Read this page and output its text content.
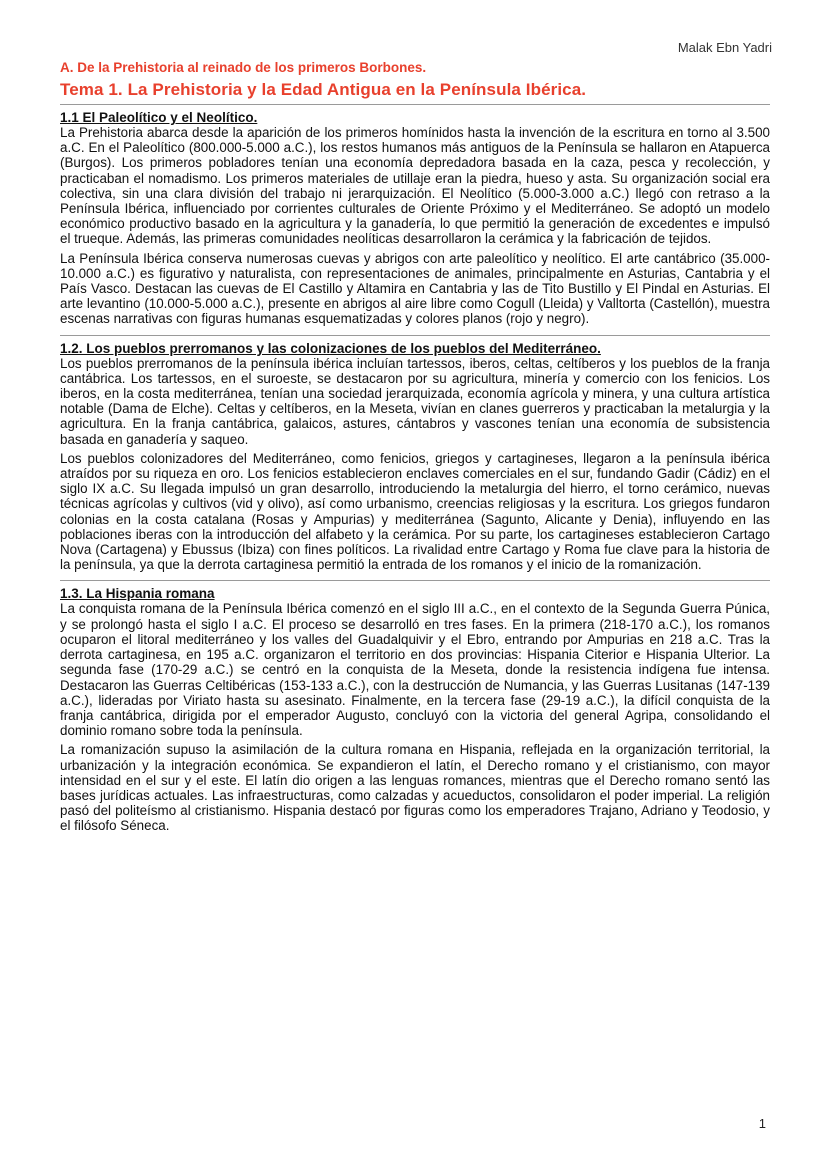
Malak Ebn Yadri

A. De la Prehistoria al reinado de los primeros Borbones.

Tema 1. La Prehistoria y la Edad Antigua en la Península Ibérica.

1.1 El Paleolítico y el Neolítico.

La Prehistoria abarca desde la aparición de los primeros homínidos hasta la invención de la escritura en torno al 3.500 a.C. En el Paleolítico (800.000-5.000 a.C.), los restos humanos más antiguos de la Península se hallaron en Atapuerca (Burgos). Los primeros pobladores tenían una economía depredadora basada en la caza, pesca y recolección, y practicaban el nomadismo. Los primeros materiales de utillaje eran la piedra, hueso y asta. Su organización social era colectiva, sin una clara división del trabajo ni jerarquización. El Neolítico (5.000-3.000 a.C.) llegó con retraso a la Península Ibérica, influenciado por corrientes culturales de Oriente Próximo y el Mediterráneo. Se adoptó un modelo económico productivo basado en la agricultura y la ganadería, lo que permitió la generación de excedentes e impulsó el trueque. Además, las primeras comunidades neolíticas desarrollaron la cerámica y la fabricación de tejidos.

La Península Ibérica conserva numerosas cuevas y abrigos con arte paleolítico y neolítico. El arte cantábrico (35.000-10.000 a.C.) es figurativo y naturalista, con representaciones de animales, principalmente en Asturias, Cantabria y el País Vasco. Destacan las cuevas de El Castillo y Altamira en Cantabria y las de Tito Bustillo y El Pindal en Asturias. El arte levantino (10.000-5.000 a.C.), presente en abrigos al aire libre como Cogull (Lleida) y Valltorta (Castellón), muestra escenas narrativas con figuras humanas esquematizadas y colores planos (rojo y negro).

1.2. Los pueblos prerromanos y las colonizaciones de los pueblos del Mediterráneo.

Los pueblos prerromanos de la península ibérica incluían tartessos, iberos, celtas, celtíberos y los pueblos de la franja cantábrica. Los tartessos, en el suroeste, se destacaron por su agricultura, minería y comercio con los fenicios. Los iberos, en la costa mediterránea, tenían una sociedad jerarquizada, economía agrícola y minera, y una cultura artística notable (Dama de Elche). Celtas y celtíberos, en la Meseta, vivían en clanes guerreros y practicaban la metalurgia y la agricultura. En la franja cantábrica, galaicos, astures, cántabros y vascones tenían una economía de subsistencia basada en ganadería y saqueo.

Los pueblos colonizadores del Mediterráneo, como fenicios, griegos y cartagineses, llegaron a la península ibérica atraídos por su riqueza en oro. Los fenicios establecieron enclaves comerciales en el sur, fundando Gadir (Cádiz) en el siglo IX a.C. Su llegada impulsó un gran desarrollo, introduciendo la metalurgia del hierro, el torno cerámico, nuevas técnicas agrícolas y cultivos (vid y olivo), así como urbanismo, creencias religiosas y la escritura. Los griegos fundaron colonias en la costa catalana (Rosas y Ampurias) y mediterránea (Sagunto, Alicante y Denia), influyendo en las poblaciones iberas con la introducción del alfabeto y la cerámica. Por su parte, los cartagineses establecieron Cartago Nova (Cartagena) y Ebussus (Ibiza) con fines políticos. La rivalidad entre Cartago y Roma fue clave para la historia de la península, ya que la derrota cartaginesa permitió la entrada de los romanos y el inicio de la romanización.

1.3. La Hispania romana

La conquista romana de la Península Ibérica comenzó en el siglo III a.C., en el contexto de la Segunda Guerra Púnica, y se prolongó hasta el siglo I a.C. El proceso se desarrolló en tres fases. En la primera (218-170 a.C.), los romanos ocuparon el litoral mediterráneo y los valles del Guadalquivir y el Ebro, entrando por Ampurias en 218 a.C. Tras la derrota cartaginesa, en 195 a.C. organizaron el territorio en dos provincias: Hispania Citerior e Hispania Ulterior. La segunda fase (170-29 a.C.) se centró en la conquista de la Meseta, donde la resistencia indígena fue intensa. Destacaron las Guerras Celtibéricas (153-133 a.C.), con la destrucción de Numancia, y las Guerras Lusitanas (147-139 a.C.), lideradas por Viriato hasta su asesinato. Finalmente, en la tercera fase (29-19 a.C.), la difícil conquista de la franja cantábrica, dirigida por el emperador Augusto, concluyó con la victoria del general Agripa, consolidando el dominio romano sobre toda la península.

La romanización supuso la asimilación de la cultura romana en Hispania, reflejada en la organización territorial, la urbanización y la integración económica. Se expandieron el latín, el Derecho romano y el cristianismo, con mayor intensidad en el sur y el este. El latín dio origen a las lenguas romances, mientras que el Derecho romano sentó las bases jurídicas actuales. Las infraestructuras, como calzadas y acueductos, consolidaron el poder imperial. La religión pasó del politeísmo al cristianismo. Hispania destacó por figuras como los emperadores Trajano, Adriano y Teodosio, y el filósofo Séneca.

1
